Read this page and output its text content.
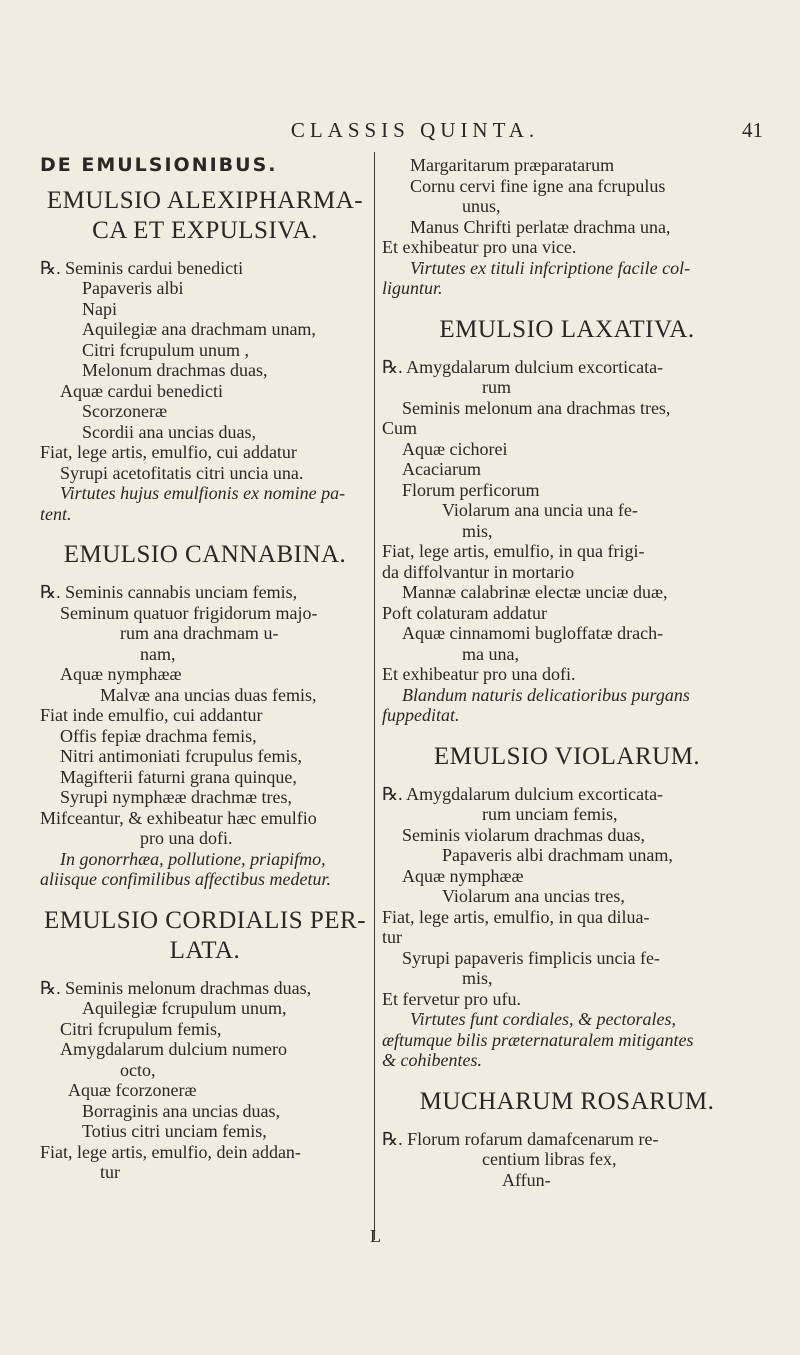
CLASSIS QUINTA.	41
DE EMULSIONIBUS.
EMULSIO ALEXIPHARMA-
CA ET EXPULSIVA.
℞. Seminis cardui benedicti
Papaveris albi
Napi
Aquilegiæ ana drachmam unam,
Citri fcrupulum unum ,
Melonum drachmas duas,
Aquæ cardui benedicti
Scorzoneræ
Scordii ana uncias duas,
Fiat, lege artis, emulfio, cui addatur
Syrupi acetofitatis citri uncia una.
Virtutes hujus emulfionis ex nomine pa-
tent.
EMULSIO CANNABINA.
℞. Seminis cannabis unciam femis,
Seminum quatuor frigidorum majo-
rum ana drachmam u-
nam,
Aquæ nymphææ
Malvæ ana uncias duas femis,
Fiat inde emulfio, cui addantur
Offis fepiæ drachma femis,
Nitri antimoniati fcrupulus femis,
Magifterii faturni grana quinque,
Syrupi nymphææ drachmæ tres,
Mifceantur, & exhibeatur hæc emulfio
pro una dofi.
In gonorrhæa, pollutione, priapifmo,
aliisque confimilibus affectibus medetur.
EMULSIO CORDIALIS PER-
LATA.
℞. Seminis melonum drachmas duas,
Aquilegiæ fcrupulum unum,
Citri fcrupulum femis,
Amygdalarum dulcium numero
octo,
Aquæ fcorzoneræ
Borraginis ana uncias duas,
Totius citri unciam femis,
Fiat, lege artis, emulfio, dein addan-
tur
Margaritarum præparatarum
Cornu cervi fine igne ana fcrupulus
unus,
Manus Chrifti perlatæ drachma una,
Et exhibeatur pro una vice.
Virtutes ex tituli infcriptione facile col-
liguntur.
EMULSIO LAXATIVA.
℞. Amygdalarum dulcium excorticata-
rum
Seminis melonum ana drachmas tres,
Cum
Aquæ cichorei
Acaciarum
Florum perficorum
Violarum ana uncia una fe-
mis,
Fiat, lege artis, emulfio, in qua frigi-
da diffolvantur in mortario
Mannæ calabrinæ electæ unciæ duæ,
Poft colaturam addatur
Aquæ cinnamomi bugloffatæ drach-
ma una,
Et exhibeatur pro una dofi.
Blandum naturis delicatioribus purgans
fuppeditat.
EMULSIO VIOLARUM.
℞. Amygdalarum dulcium excorticata-
rum unciam femis,
Seminis violarum drachmas duas,
Papaveris albi drachmam unam,
Aquæ nymphææ
Violarum ana uncias tres,
Fiat, lege artis, emulfio, in qua dilua-
tur
Syrupi papaveris fimplicis uncia fe-
mis,
Et fervetur pro ufu.
Virtutes funt cordiales, & pectorales,
æftumque bilis præternaturalem mitigantes
& cohibentes.
MUCHARUM ROSARUM.
℞. Florum rofarum damafcenarum re-
centium libras fex,
Affun-
L
